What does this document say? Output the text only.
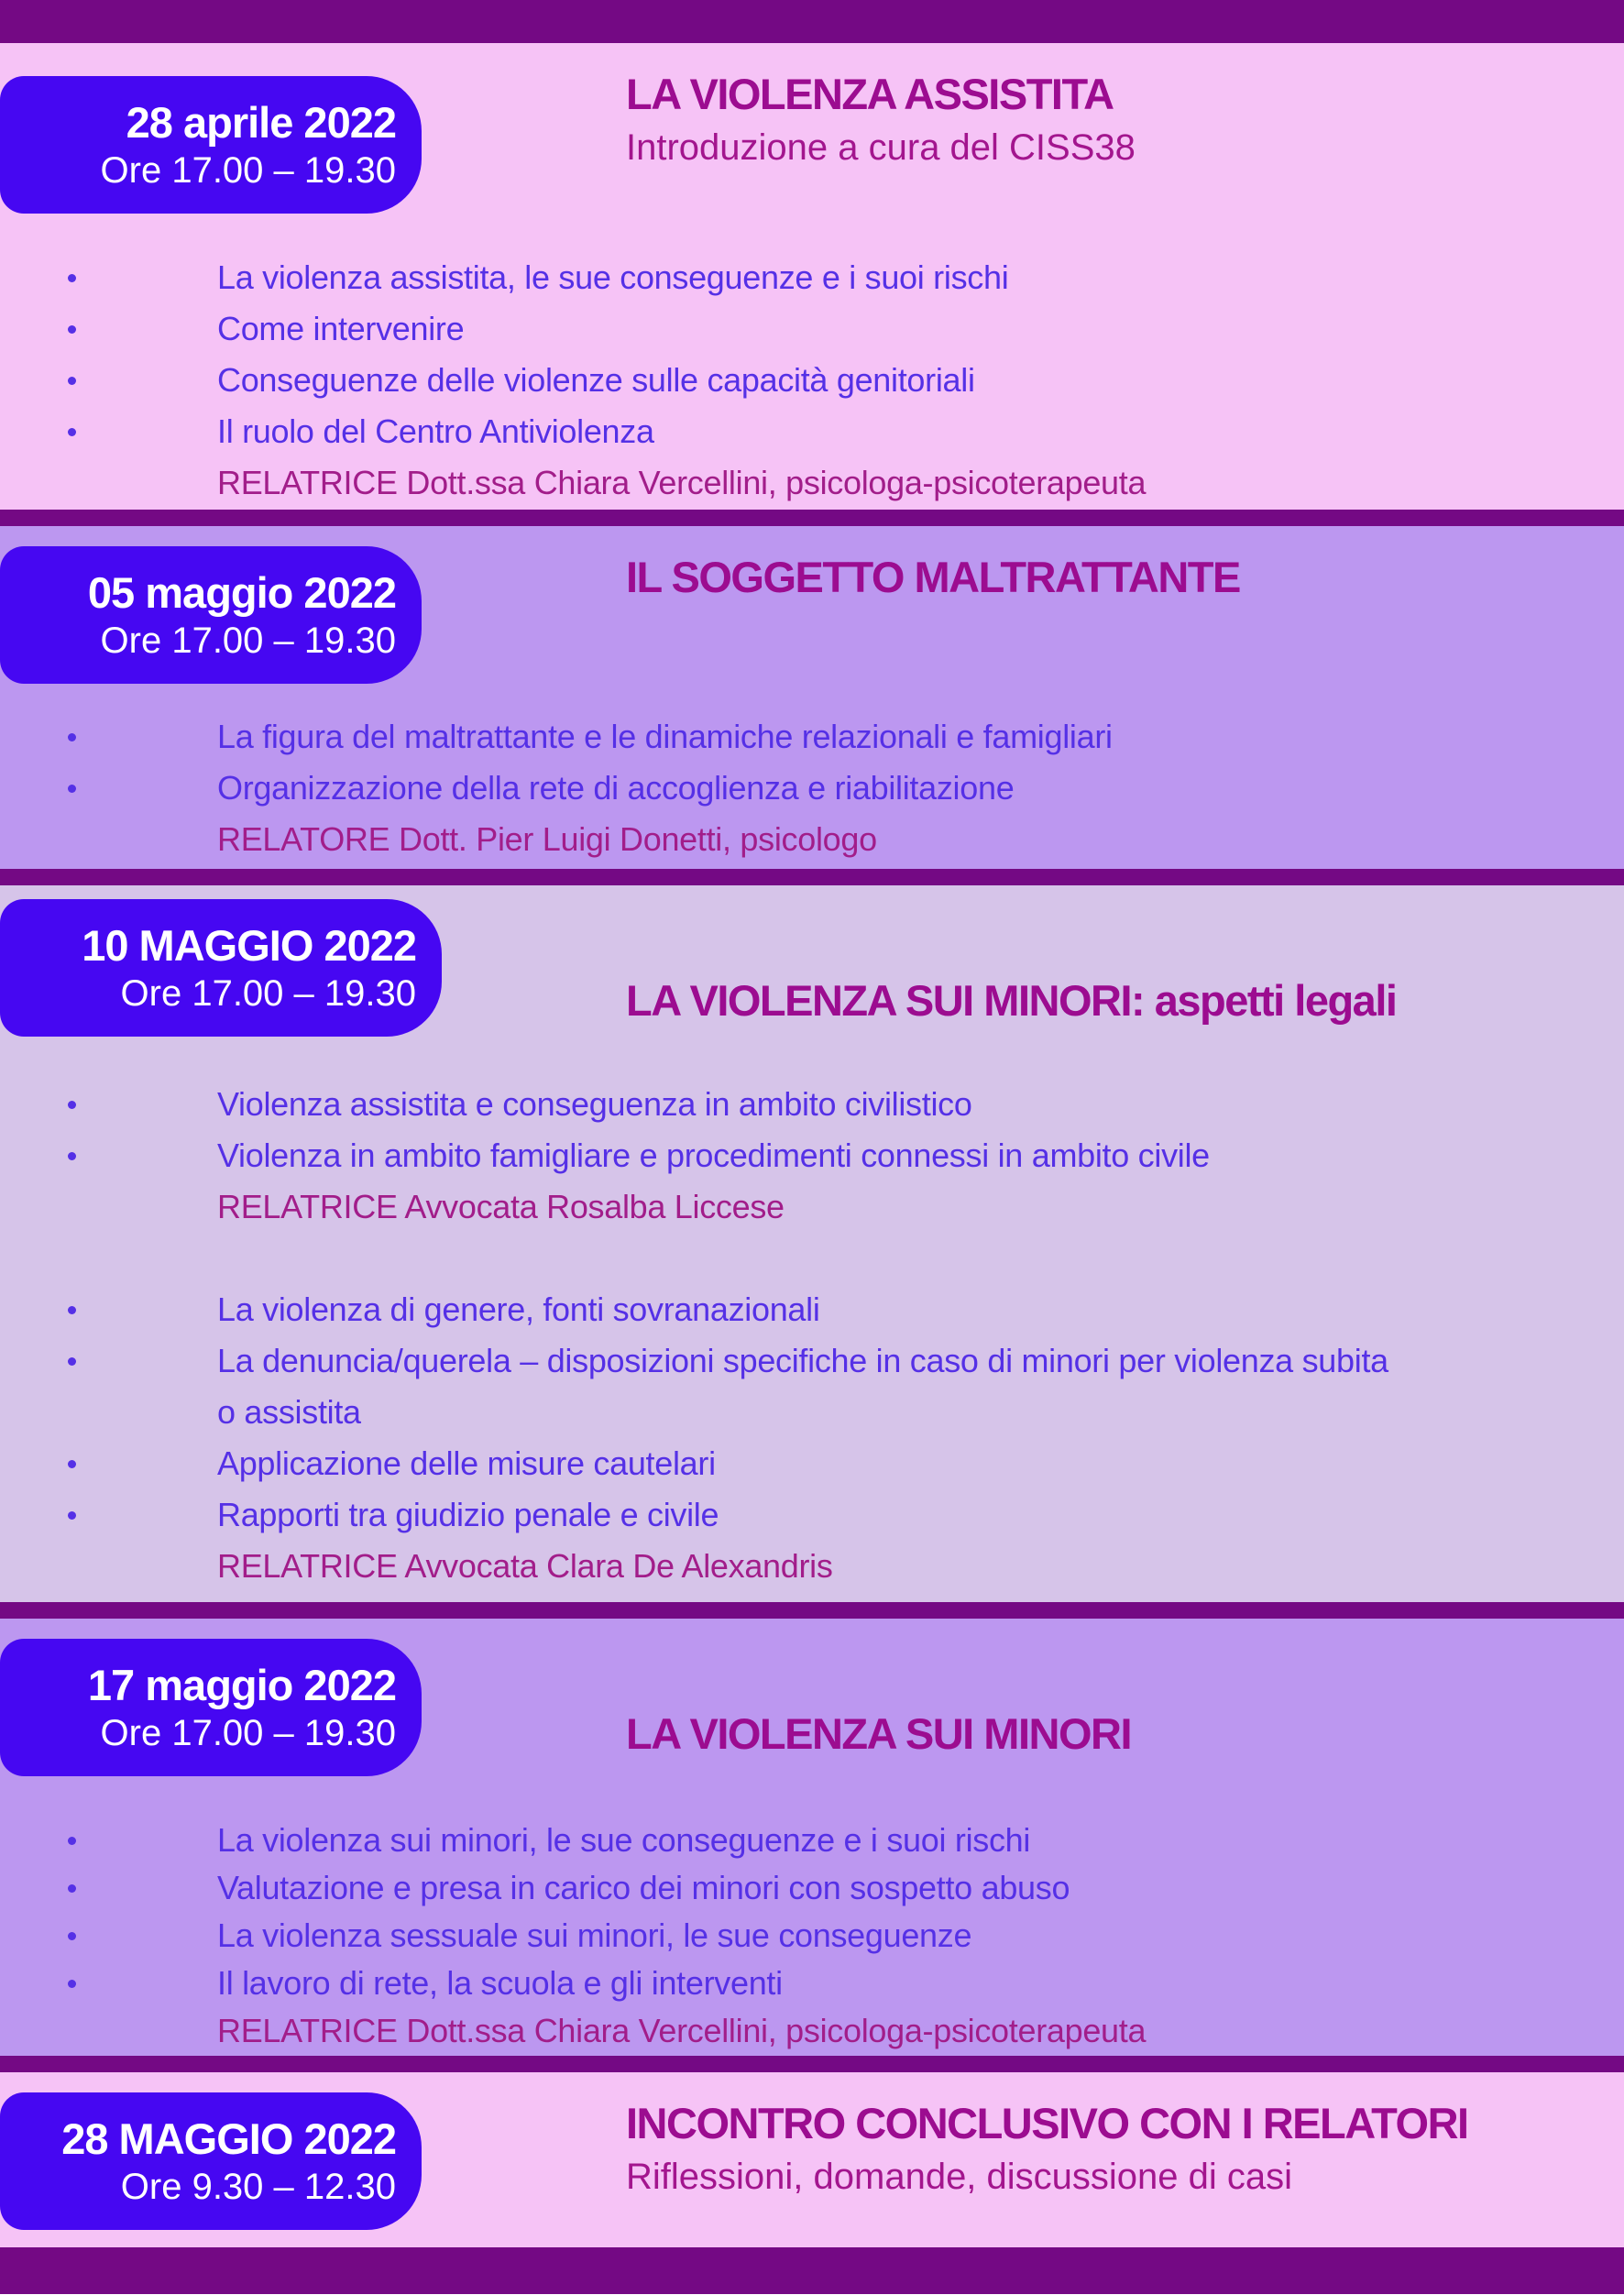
28 aprile 2022
Ore 17.00 – 19.30
LA VIOLENZA ASSISTITA
Introduzione a cura del CISS38
La violenza assistita, le sue conseguenze e i suoi rischi
Come intervenire
Conseguenze delle violenze sulle capacità genitoriali
Il ruolo del Centro Antiviolenza

RELATRICE Dott.ssa Chiara Vercellini, psicologa-psicoterapeuta

05 maggio 2022
Ore 17.00 – 19.30
IL SOGGETTO MALTRATTANTE
La figura del maltrattante e le dinamiche relazionali e famigliari
Organizzazione della rete di accoglienza e riabilitazione

RELATORE Dott. Pier Luigi Donetti, psicologo

10 MAGGIO 2022
Ore 17.00 – 19.30	LA VIOLENZA SUI MINORI: aspetti legali
Violenza assistita e conseguenza in ambito civilistico
Violenza in ambito famigliare e procedimenti connessi in ambito civile

RELATRICE Avvocata Rosalba Liccese

La violenza di genere, fonti sovranazionali
La denuncia/querela – disposizioni specifiche in caso di minori per violenza subita o assistita
Applicazione delle misure cautelari
Rapporti tra giudizio penale e civile

RELATRICE Avvocata Clara De Alexandris

17 maggio 2022
Ore 17.00 – 19.30	LA VIOLENZA SUI MINORI
La violenza sui minori, le sue conseguenze e i suoi rischi
Valutazione e presa in carico dei minori con sospetto abuso
La violenza sessuale sui minori, le sue conseguenze
Il lavoro di rete, la scuola e gli interventi

RELATRICE Dott.ssa Chiara Vercellini, psicologa-psicoterapeuta

28 MAGGIO 2022
Ore 9.30 – 12.30
INCONTRO CONCLUSIVO CON I RELATORI
Riflessioni, domande, discussione di casi
